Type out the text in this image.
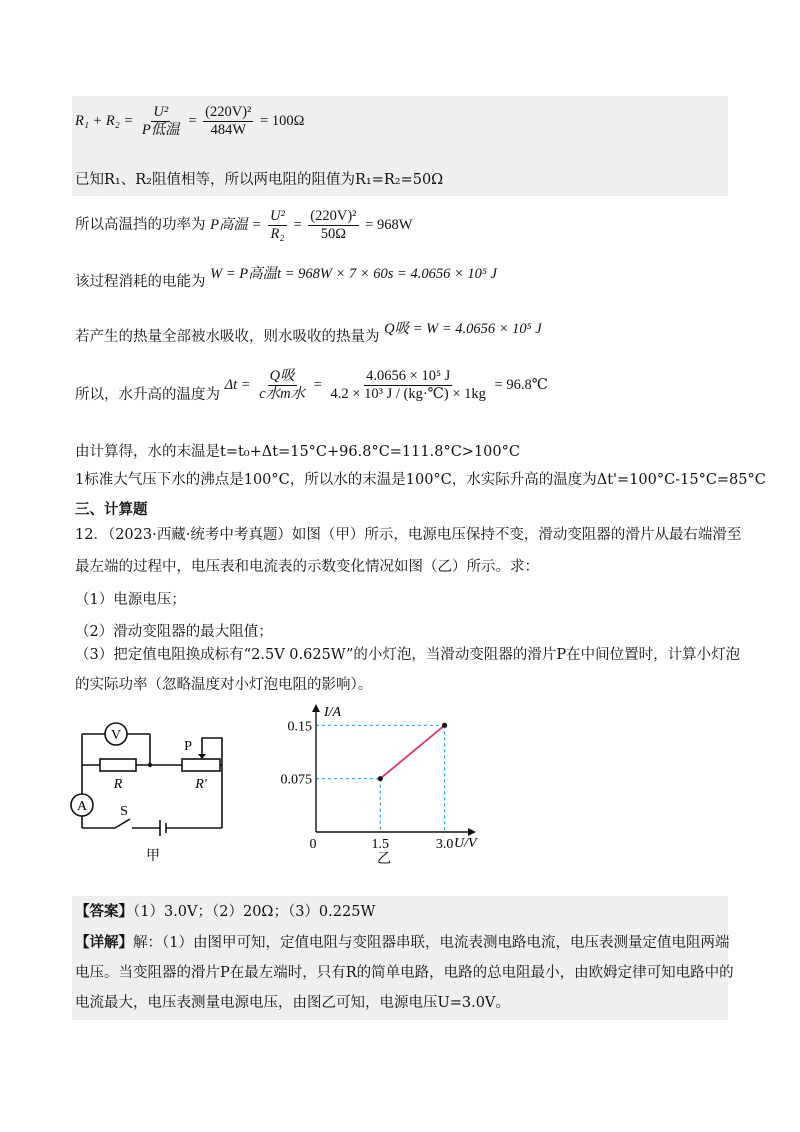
$R_1 + R_2 = \frac{\text{U²}}{\text{P低温}} = \frac{\text{(220V)²}}{484W} = 100\Omega$
已知R₁、R₂阻值相等，所以两电阻的阻值为R₁=R₂=50Ω
所以高温挡的功率为 P高温 = $\frac{\text{U²}}{\text{R₂}} = \frac{\text{(220V)²}}{50\Omega} = 968W$
该过程消耗的电能为 W = P高温t = 968W × 7 × 60s = 4.0656 × 10⁵ J
若产生的热量全部被水吸收，则水吸收的热量为 Q吸 = W = 4.0656 × 10⁵ J
所以，水升高的温度为 $\Delta t = \frac{\text{Q吸}}{\text{c水m水}} = \frac{\text{4.0656 × 10⁵ J}}{\text{4.2 × 10³ J / (kg·℃) × 1kg}}$ = 96.8℃
由计算得，水的末温是t=t₀+Δt=15°C+96.8°C=111.8°C>100°C
1标准大气压下水的沸点是100°C，所以水的末温是100°C，水实际升高的温度为Δt'=100°C-15°C=85°C
三、计算题
12．（2023·西藏·统考中考真题）如图（甲）所示，电源电压保持不变，滑动变阻器的滑片从最右端滑至
最左端的过程中，电压表和电流表的示数变化情况如图（乙）所示。求：
（1）电源电压；
（2）滑动变阻器的最大阻值；
（3）把定值电阻换成标有“2.5V 0.625W”的小灯泡，当滑动变阻器的滑片P在中间位置时，计算小灯泡
的实际功率（忽略温度对小灯泡电阻的影响）。
V
A
R	R'
P
S
甲
0	1.5	3.0
0.075
0.15
I/A
U/V
乙
【答案】（1）3.0V；（2）20Ω；（3）0.225W
【详解】解：（1）由图甲可知，定值电阻与变阻器串联，电流表测电路电流，电压表测量定值电阻两端
电压。当变阻器的滑片P在最左端时，只有R的简单电路，电路的总电阻最小，由欧姆定律可知电路中的
电流最大，电压表测量电源电压，由图乙可知，电源电压U=3.0V。
